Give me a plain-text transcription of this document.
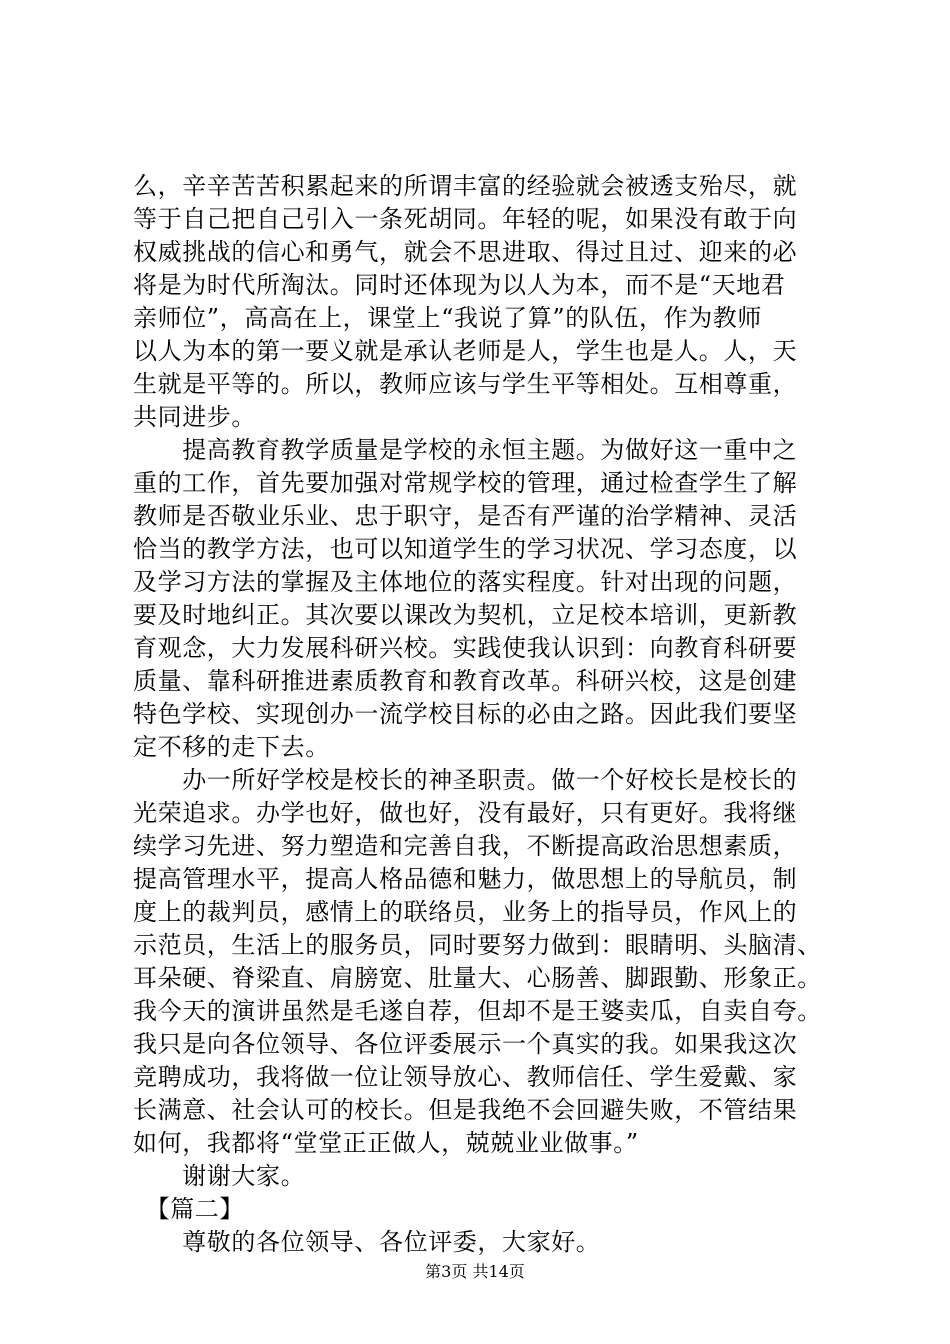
么，辛辛苦苦积累起来的所谓丰富的经验就会被透支殆尽，就
等于自己把自己引入一条死胡同。年轻的呢，如果没有敢于向
权威挑战的信心和勇气，就会不思进取、得过且过、迎来的必
将是为时代所淘汰。同时还体现为以人为本，而不是“天地君
亲师位”，高高在上，课堂上“我说了算”的队伍，作为教师
以人为本的第一要义就是承认老师是人，学生也是人。人，天
生就是平等的。所以，教师应该与学生平等相处。互相尊重，
共同进步。
　　提高教育教学质量是学校的永恒主题。为做好这一重中之
重的工作，首先要加强对常规学校的管理，通过检查学生了解
教师是否敬业乐业、忠于职守，是否有严谨的治学精神、灵活
恰当的教学方法，也可以知道学生的学习状况、学习态度，以
及学习方法的掌握及主体地位的落实程度。针对出现的问题，
要及时地纠正。其次要以课改为契机，立足校本培训，更新教
育观念，大力发展科研兴校。实践使我认识到：向教育科研要
质量、靠科研推进素质教育和教育改革。科研兴校，这是创建
特色学校、实现创办一流学校目标的必由之路。因此我们要坚
定不移的走下去。
　　办一所好学校是校长的神圣职责。做一个好校长是校长的
光荣追求。办学也好，做也好，没有最好，只有更好。我将继
续学习先进、努力塑造和完善自我，不断提高政治思想素质，
提高管理水平，提高人格品德和魅力，做思想上的导航员，制
度上的裁判员，感情上的联络员，业务上的指导员，作风上的
示范员，生活上的服务员，同时要努力做到：眼睛明、头脑清、
耳朵硬、脊梁直、肩膀宽、肚量大、心肠善、脚跟勤、形象正。
我今天的演讲虽然是毛遂自荐，但却不是王婆卖瓜，自卖自夸。
我只是向各位领导、各位评委展示一个真实的我。如果我这次
竞聘成功，我将做一位让领导放心、教师信任、学生爱戴、家
长满意、社会认可的校长。但是我绝不会回避失败，不管结果
如何，我都将“堂堂正正做人，兢兢业业做事。”
　　谢谢大家。
　【篇二】
　　尊敬的各位领导、各位评委，大家好。
第3页 共14页
